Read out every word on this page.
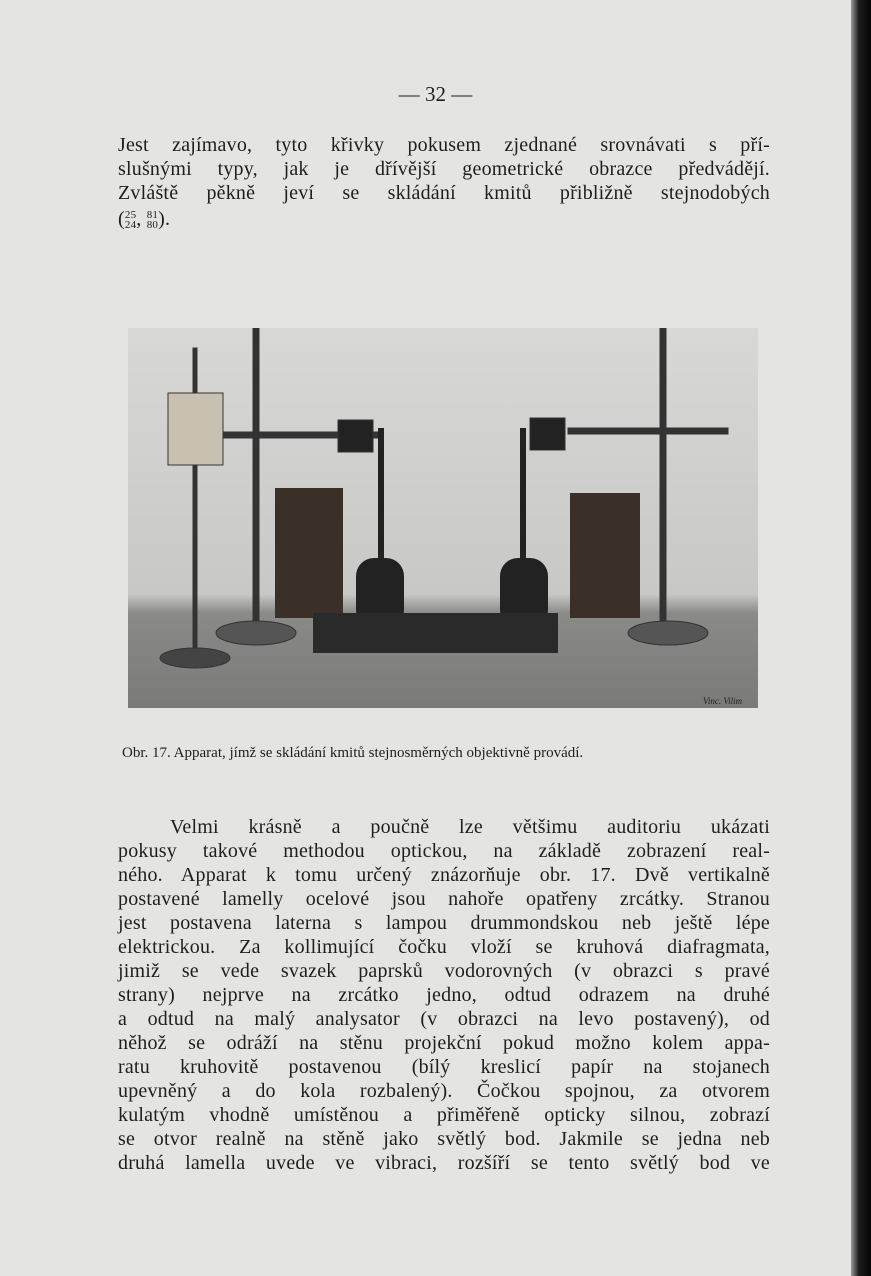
— 32 —
Jest zajímavo, tyto křivky pokusem zjednané srovnávati s pří-
slušnými typy, jak je dřívější geometrické obrazce předvádějí.
Zvláště pěkně jeví se skládání kmitů přibližně stejnodobých
(25
24, 81
80).
Vinc. Vilim
Obr. 17. Apparat, jímž se skládání kmitů stejnosměrných objektivně provádí.
Velmi krásně a poučně lze většimu auditoriu ukázati
pokusy takové methodou optickou, na základě zobrazení real-
ného. Apparat k tomu určený znázorňuje obr. 17. Dvě vertikalně
postavené lamelly ocelové jsou nahoře opatřeny zrcátky. Stranou
jest postavena laterna s lampou drummondskou neb ještě lépe
elektrickou. Za kollimující čočku vloží se kruhová diafragmata,
jimiž se vede svazek paprsků vodorovných (v obrazci s pravé
strany) nejprve na zrcátko jedno, odtud odrazem na druhé
a odtud na malý analysator (v obrazci na levo postavený), od
něhož se odráží na stěnu projekční pokud možno kolem appa-
ratu kruhovitě postavenou (bílý kreslicí papír na stojanech
upevněný a do kola rozbalený). Čočkou spojnou, za otvorem
kulatým vhodně umístěnou a přiměřeně opticky silnou, zobrazí
se otvor realně na stěně jako světlý bod. Jakmile se jedna neb
druhá lamella uvede ve vibraci, rozšíří se tento světlý bod ve
